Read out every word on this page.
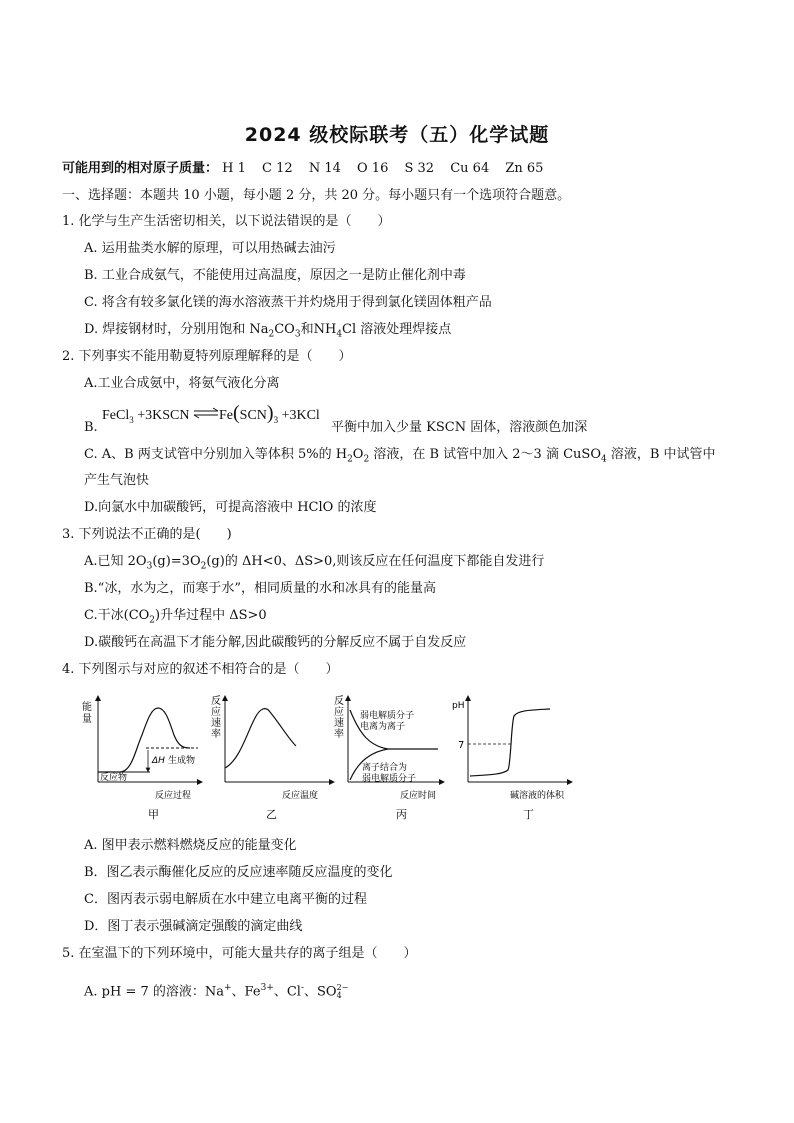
2024 级校际联考（五）化学试题
可能用到的相对原子质量： H 1 C 12 N 14 O 16 S 32 Cu 64 Zn 65
一、选择题：本题共 10 小题，每小题 2 分，共 20 分。每小题只有一个选项符合题意。
1. 化学与生产生活密切相关，以下说法错误的是（　　）
A. 运用盐类水解的原理，可以用热碱去油污
B. 工业合成氨气，不能使用过高温度，原因之一是防止催化剂中毒
C. 将含有较多氯化镁的海水溶液蒸干并灼烧用于得到氯化镁固体粗产品
D. 焊接钢材时，分别用饱和 $Na_2CO_3$和$NH_4Cl$ 溶液处理焊接点
2. 下列事实不能用勒夏特列原理解释的是（　　）
A.工业合成氨中，将氨气液化分离
B.
FeCl$_3$ +3KSCN $\rightleftharpoons Fe(SCN)_3 +3KCl$
平衡中加入少量 KSCN 固体，溶液颜色加深
C. A、B 两支试管中分别加入等体积 5%的 $H_2O_2$ 溶液，在 B 试管中加入 2～3 滴 CuSO$_4$ 溶液，B 中试管中
产生气泡快
D.向氯水中加碳酸钙，可提高溶液中 HClO 的浓度
3. 下列说法不正确的是(　　)
A.已知 $2O_3(g)=3O_2(g)$的 ΔH<0、ΔS>0,则该反应在任何温度下都能自发进行
B.“冰，水为之，而寒于水”，相同质量的水和冰具有的能量高
C.干冰$(CO_2)$升华过程中 ΔS>0
D.碳酸钙在高温下才能分解,因此碳酸钙的分解反应不属于自发反应
4. 下列图示与对应的叙述不相符合的是（　　）
能
量
反应物
ΔH 生成物
反应过程
甲
反
应
速
率
反应温度
乙
反
应
速
率
弱电解质分子
电离为离子
离子结合为
弱电解质分子
反应时间
丙
pH
7
碱溶液的体积
丁
A. 图甲表示燃料燃烧反应的能量变化
B．图乙表示酶催化反应的反应速率随反应温度的变化
C．图丙表示弱电解质在水中建立电离平衡的过程
D．图丁表示强碱滴定强酸的滴定曲线
5. 在室温下的下列环境中，可能大量共存的离子组是（　　）
A. pH = 7 的溶液：Na+、$Fe^{3+}$、Cl-、SO 2−
4
